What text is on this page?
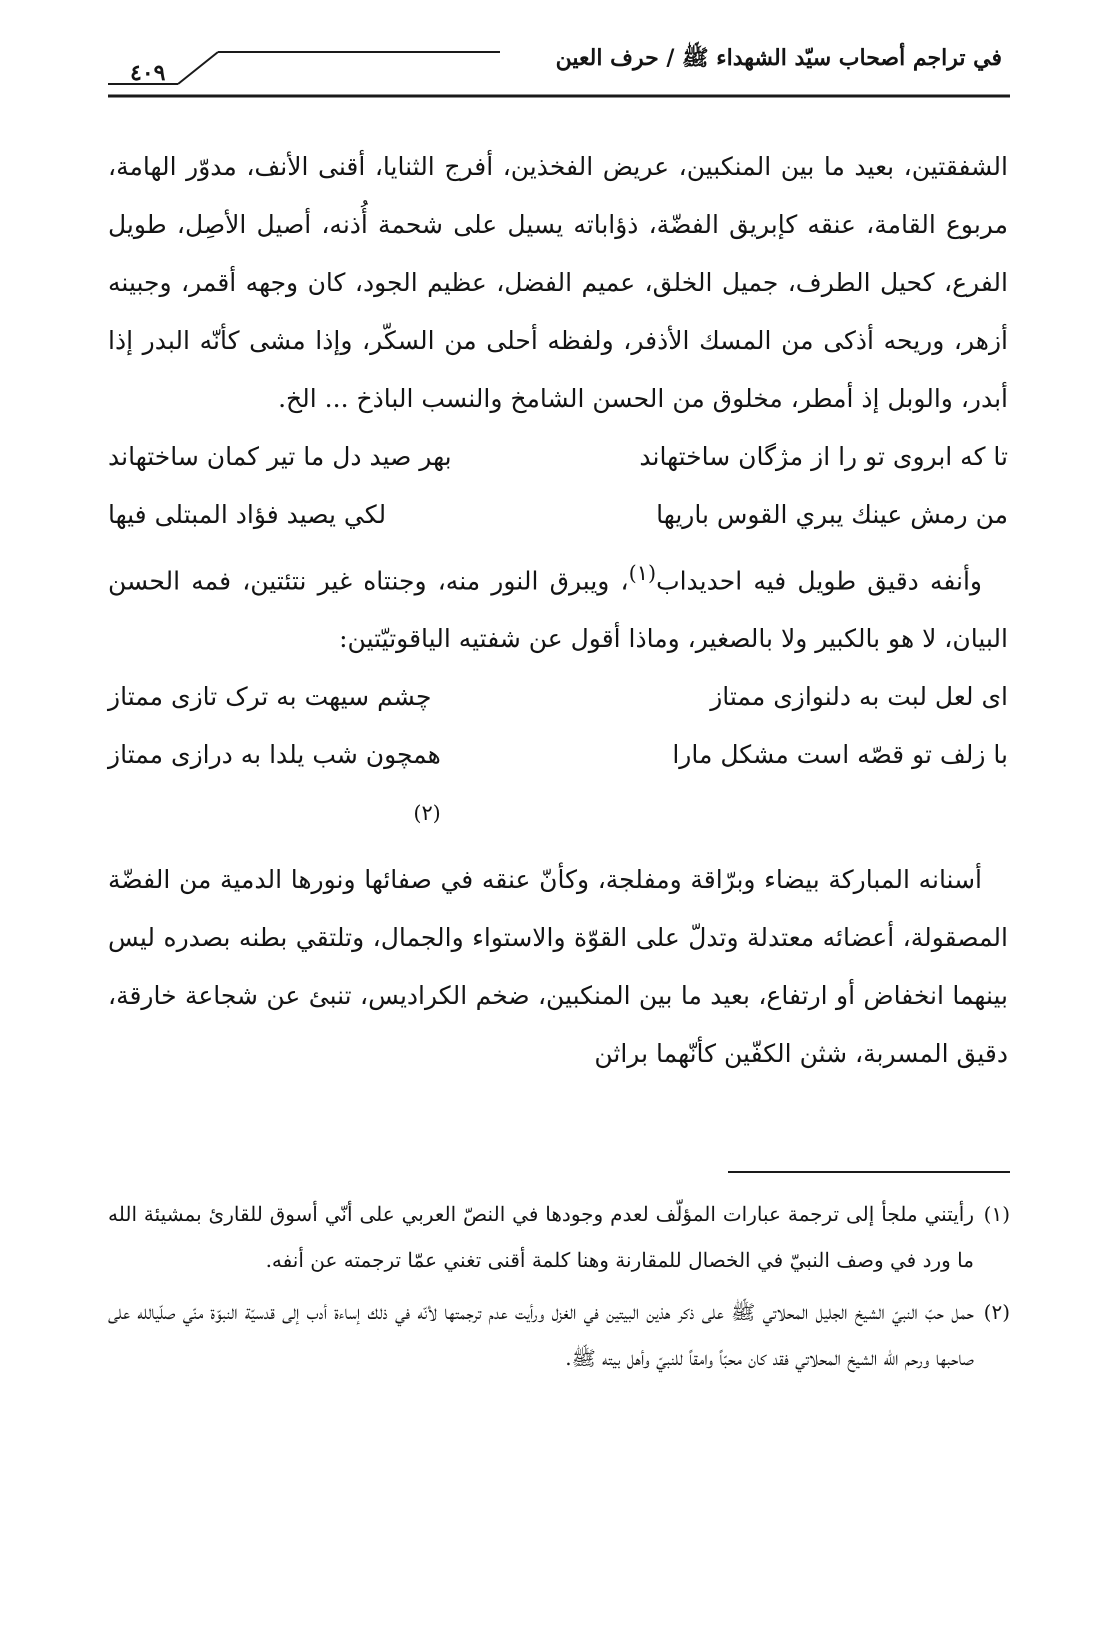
في تراجم أصحاب سيّد الشهداء ﷺ / حرف العين
٤٠٩

الشفقتين، بعيد ما بين المنكبين، عريض الفخذين، أفرج الثنايا، أقنى الأنف، مدوّر الهامة، مربوع القامة، عنقه كإبريق الفضّة، ذؤاباته يسيل على شحمة أُذنه، أصيل الأصِل، طويل الفرع، كحيل الطرف، جميل الخلق، عميم الفضل، عظيم الجود، كان وجهه أقمر، وجبينه أزهر، وريحه أذكى من المسك الأذفر، ولفظه أحلى من السكّر، وإذا مشى كأنّه البدر إذا أبدر، والوبل إذ أمطر، مخلوق من الحسن الشامخ والنسب الباذخ ... الخ.

تا كه ابروى تو را از مژگان ساختهاند
بهر صيد دل ما تير كمان ساختهاند
من رمش عينك يبري القوس باريها
لكي يصيد فؤاد المبتلى فيها

وأنفه دقيق طويل فيه احديداب$^{(١)}$، ويبرق النور منه، وجنتاه غير نتئتين، فمه الحسن البيان، لا هو بالكبير ولا بالصغير، وماذا أقول عن شفتيه الياقوتيّتين:

اى لعل لبت به دلنوازى ممتاز
چشم سيهت به ترک تازى ممتاز
با زلف تو قصّه است مشكل مارا
همچون شب يلدا به درازى ممتاز
$^{(٢)}$

أسنانه المباركة بيضاء وبرّاقة ومفلجة، وكأنّ عنقه في صفائها ونورها الدمية من الفضّة المصقولة، أعضائه معتدلة وتدلّ على القوّة والاستواء والجمال، وتلتقي بطنه بصدره ليس بينهما انخفاض أو ارتفاع، بعيد ما بين المنكبين، ضخم الكراديس، تنبئ عن شجاعة خارقة، دقيق المسربة، شثن الكفّين كأنّهما براثن

(١)
رأيتني ملجأ إلى ترجمة عبارات المؤلّف لعدم وجودها في النصّ العربي على أنّي أسوق للقارئ بمشيئة الله ما ورد في وصف النبيّ في الخصال للمقارنة وهنا كلمة أقنى تغني عمّا ترجمته عن أنفه.
(٢)
حمل حبّ النبيّ الشيخ الجليل المحلاتي ﷺ على ذكر هذين البيتين في الغزل ورأيت عدم ترجمتها لأنّه في ذلك إساءة أدب إلى قدسيّة النبوّة منّي صلّيالله على صاحبها ورحم الله الشيخ المحلاتي فقد كان محبّاً وامقاً للنبيّ وأهل بيته ﷺ.
